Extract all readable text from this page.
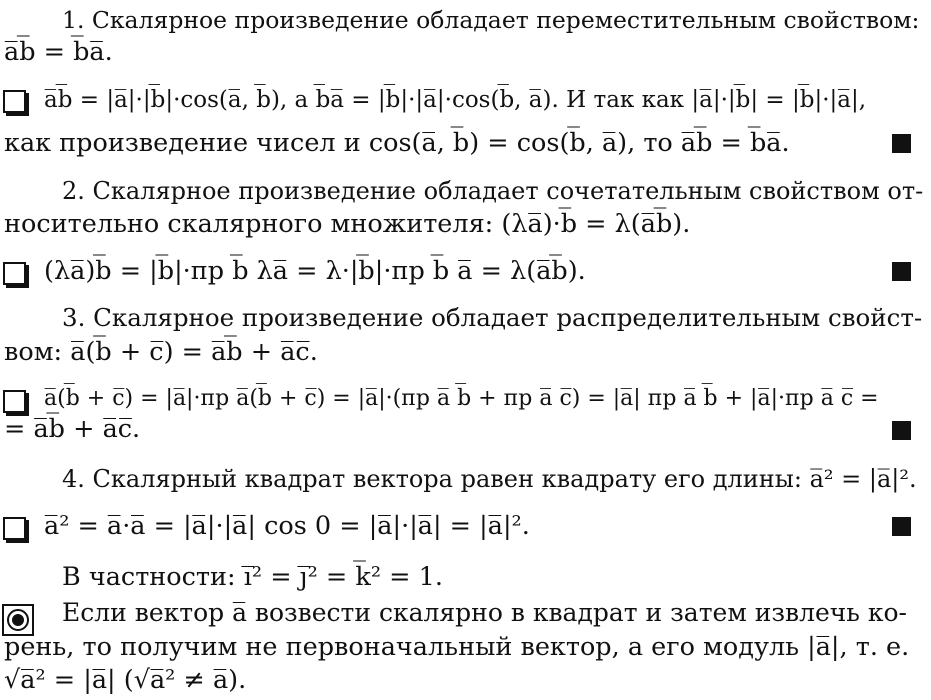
1. Скалярное произведение обладает переместительным свойством:
a̅b̅ = b̅a̅.
a̅b̅ = |a̅|·|b̅|·cos(a̅, b̅), а b̅a̅ = |b̅|·|a̅|·cos(b̅, a̅). И так как |a̅|·|b̅| = |b̅|·|a̅|,
как произведение чисел и cos(a̅, b̅) = cos(b̅, a̅), то a̅b̅ = b̅a̅.
2. Скалярное произведение обладает сочетательным свойством от-
носительно скалярного множителя: (λa̅)·b̅ = λ(a̅b̅).
(λa̅)b̅ = |b̅|·пр b̅ λa̅ = λ·|b̅|·пр b̅ a̅ = λ(a̅b̅).
3. Скалярное произведение обладает распределительным свойст-
вом: a̅(b̅ + c̅) = a̅b̅ + a̅c̅.
a̅(b̅ + c̅) = |a̅|·пр a̅(b̅ + c̅) = |a̅|·(пр a̅ b̅ + пр a̅ c̅) = |a̅| пр a̅ b̅ + |a̅|·пр a̅ c̅ =
= a̅b̅ + a̅c̅.
4. Скалярный квадрат вектора равен квадрату его длины: a̅² = |a̅|².
a̅² = a̅·a̅ = |a̅|·|a̅| cos 0 = |a̅|·|a̅| = |a̅|².
В частности: i̅² = j̅² = k̅² = 1.
Если вектор a̅ возвести скалярно в квадрат и затем извлечь ко-
рень, то получим не первоначальный вектор, а его модуль |a̅|, т. е.
√a̅² = |a̅| (√a̅² ≠ a̅).
